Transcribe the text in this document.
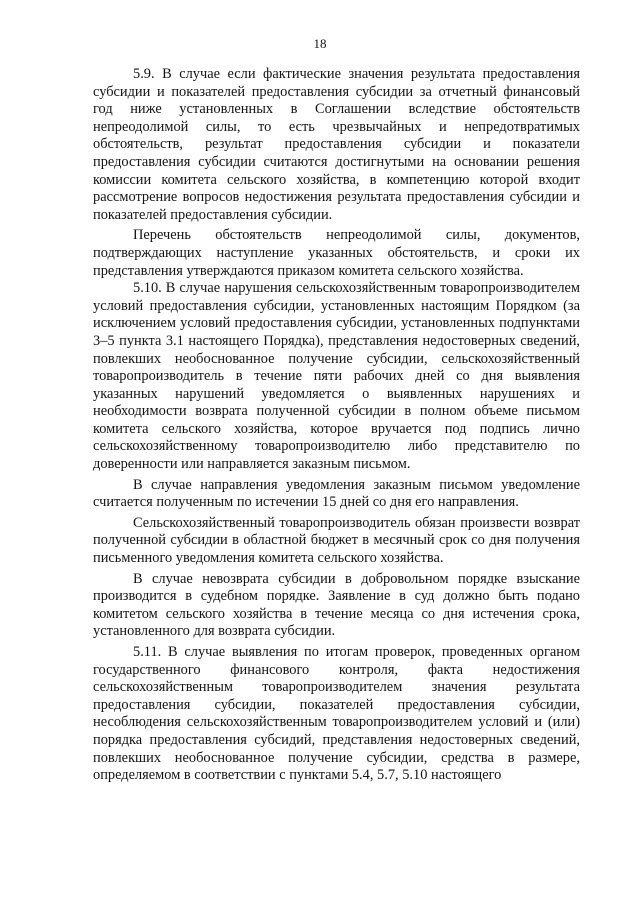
18

5.9. В случае если фактические значения результата предоставления субсидии и показателей предоставления субсидии за отчетный финансовый год ниже установленных в Соглашении вследствие обстоятельств непреодолимой силы, то есть чрезвычайных и непредотвратимых обстоятельств, результат предоставления субсидии и показатели предоставления субсидии считаются достигнутыми на основании решения комиссии комитета сельского хозяйства, в компетенцию которой входит рассмотрение вопросов недостижения результата предоставления субсидии и показателей предоставления субсидии.

Перечень обстоятельств непреодолимой силы, документов, подтверждающих наступление указанных обстоятельств, и сроки их представления утверждаются приказом комитета сельского хозяйства.

5.10. В случае нарушения сельскохозяйственным товаропроизводителем условий предоставления субсидии, установленных настоящим Порядком (за исключением условий предоставления субсидии, установленных подпунктами 3–5 пункта 3.1 настоящего Порядка), представления недостоверных сведений, повлекших необоснованное получение субсидии, сельскохозяйственный товаропроизводитель в течение пяти рабочих дней со дня выявления указанных нарушений уведомляется о выявленных нарушениях и необходимости возврата полученной субсидии в полном объеме письмом комитета сельского хозяйства, которое вручается под подпись лично сельскохозяйственному товаропроизводителю либо представителю по доверенности или направляется заказным письмом.

В случае направления уведомления заказным письмом уведомление считается полученным по истечении 15 дней со дня его направления.

Сельскохозяйственный товаропроизводитель обязан произвести возврат полученной субсидии в областной бюджет в месячный срок со дня получения письменного уведомления комитета сельского хозяйства.

В случае невозврата субсидии в добровольном порядке взыскание производится в судебном порядке. Заявление в суд должно быть подано комитетом сельского хозяйства в течение месяца со дня истечения срока, установленного для возврата субсидии.

5.11. В случае выявления по итогам проверок, проведенных органом государственного финансового контроля, факта недостижения сельскохозяйственным товаропроизводителем значения результата предоставления субсидии, показателей предоставления субсидии, несоблюдения сельскохозяйственным товаропроизводителем условий и (или) порядка предоставления субсидий, представления недостоверных сведений, повлекших необоснованное получение субсидии, средства в размере, определяемом в соответствии с пунктами 5.4, 5.7, 5.10 настоящего
